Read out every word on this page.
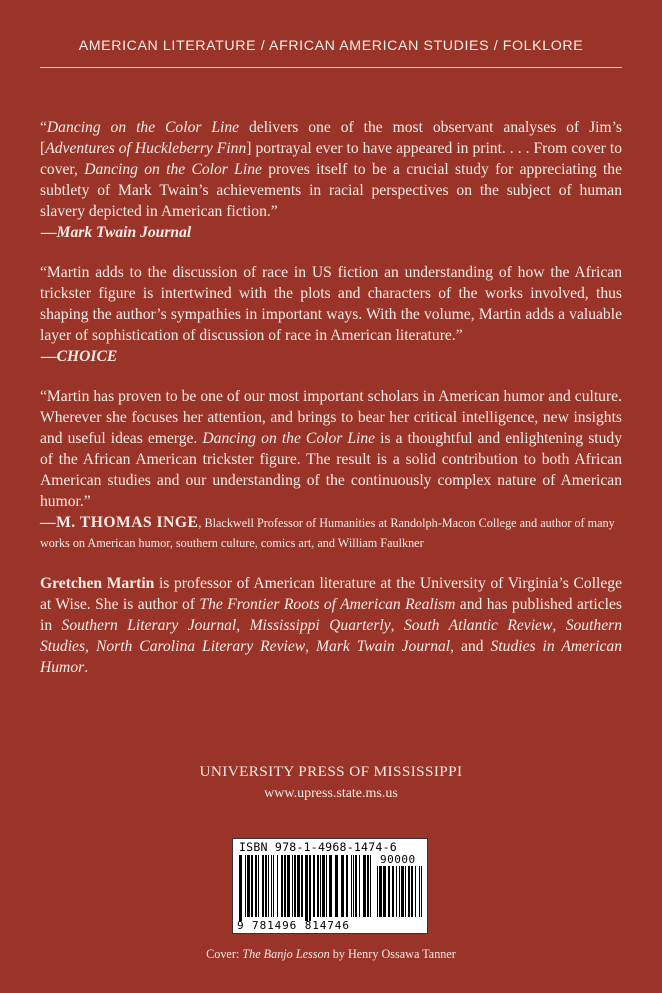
AMERICAN LITERATURE / AFRICAN AMERICAN STUDIES / FOLKLORE

“Dancing on the Color Line delivers one of the most observant analyses of Jim’s [Adventures of Huckleberry Finn] portrayal ever to have appeared in print. . . . From cover to cover, Dancing on the Color Line proves itself to be a crucial study for appreciating the subtlety of Mark Twain’s achievements in racial perspectives on the subject of human slavery depicted in American fiction.”

—Mark Twain Journal

“Martin adds to the discussion of race in US fiction an understanding of how the African trickster figure is intertwined with the plots and characters of the works involved, thus shaping the author’s sympathies in important ways. With the volume, Martin adds a valuable layer of sophistication of discussion of race in American literature.”

—CHOICE

“Martin has proven to be one of our most important scholars in American humor and culture. Wherever she focuses her attention, and brings to bear her critical intelligence, new insights and useful ideas emerge. Dancing on the Color Line is a thoughtful and enlightening study of the African American trickster figure. The result is a solid contribution to both African American studies and our understanding of the continuously complex nature of American humor.”

—M. THOMAS INGE, Blackwell Professor of Humanities at Randolph-Macon College and author of many works on American humor, southern culture, comics art, and William Faulkner

Gretchen Martin is professor of American literature at the University of Virginia’s College at Wise. She is author of The Frontier Roots of American Realism and has published articles in Southern Literary Journal, Mississippi Quarterly, South Atlantic Review, Southern Studies, North Carolina Literary Review, Mark Twain Journal, and Studies in American Humor.

UNIVERSITY PRESS OF MISSISSIPPI
www.upress.state.ms.us
ISBN 978-1-4968-1474-6
90000
9 781496 814746
Cover: The Banjo Lesson by Henry Ossawa Tanner
